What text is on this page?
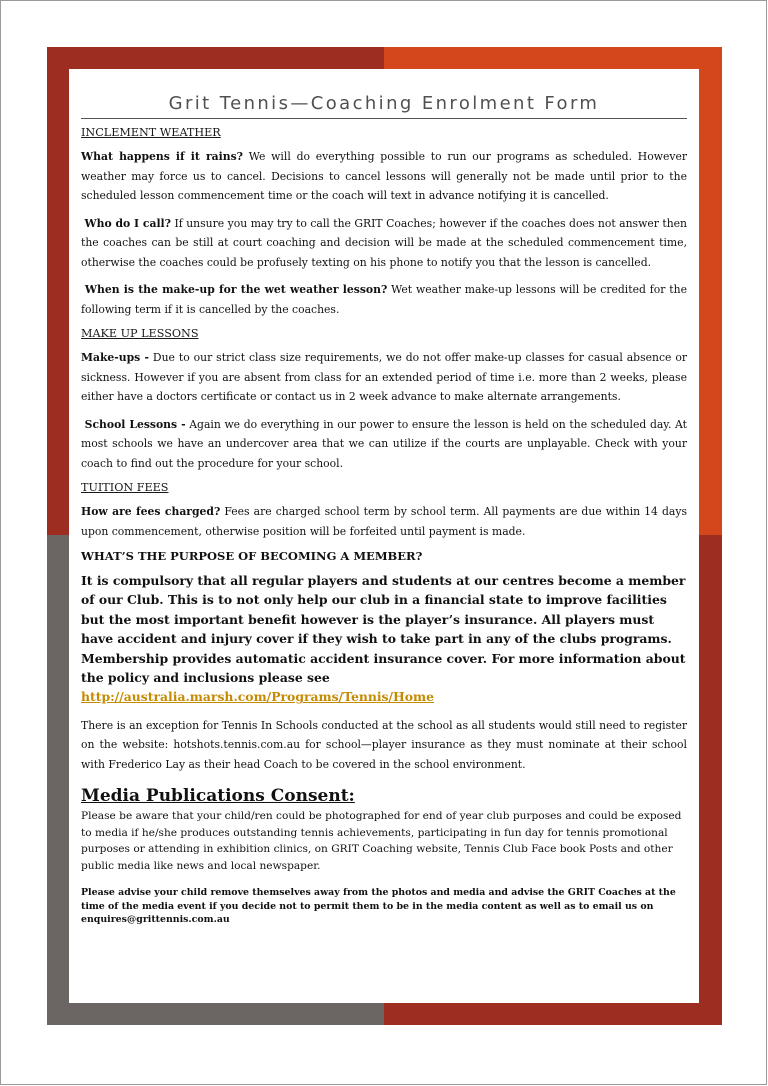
Grit Tennis—Coaching Enrolment Form
INCLEMENT WEATHER

What happens if it rains? We will do everything possible to run our programs as scheduled. However weather may force us to cancel. Decisions to cancel lessons will generally not be made until prior to the scheduled lesson commencement time or the coach will text in advance notifying it is cancelled.

Who do I call? If unsure you may try to call the GRIT Coaches; however if the coaches does not answer then the coaches can be still at court coaching and decision will be made at the scheduled commencement time, otherwise the coaches could be profusely texting on his phone to notify you that the lesson is cancelled.

When is the make-up for the wet weather lesson? Wet weather make-up lessons will be credited for the following term if it is cancelled by the coaches.

MAKE UP LESSONS

Make-ups - Due to our strict class size requirements, we do not offer make-up classes for casual absence or sickness. However if you are absent from class for an extended period of time i.e. more than 2 weeks, please either have a doctors certificate or contact us in 2 week advance to make alternate arrangements.

School Lessons - Again we do everything in our power to ensure the lesson is held on the scheduled day. At most schools we have an undercover area that we can utilize if the courts are unplayable. Check with your coach to find out the procedure for your school.

TUITION FEES

How are fees charged? Fees are charged school term by school term. All payments are due within 14 days upon commencement, otherwise position will be forfeited until payment is made.

WHAT’S THE PURPOSE OF BECOMING A MEMBER?
It is compulsory that all regular players and students at our centres become a member of our Club. This is to not only help our club in a financial state to improve facilities but the most important benefit however is the player’s insurance. All players must have accident and injury cover if they wish to take part in any of the clubs programs. Membership provides automatic accident insurance cover. For more information about the policy and inclusions please see http://australia.marsh.com/Programs/Tennis/Home

There is an exception for Tennis In Schools conducted at the school as all students would still need to register on the website: hotshots.tennis.com.au for school—player insurance as they must nominate at their school with Frederico Lay as their head Coach to be covered in the school environment.

Media Publications Consent:
Please be aware that your child/ren could be photographed for end of year club purposes and could be exposed to media if he/she produces outstanding tennis achievements, participating in fun day for tennis promotional purposes or attending in exhibition clinics, on GRIT Coaching website, Tennis Club Face book Posts and other public media like news and local newspaper.
Please advise your child remove themselves away from the photos and media and advise the GRIT Coaches at the time of the media event if you decide not to permit them to be in the media content as well as to email us on
enquires@grittennis.com.au
